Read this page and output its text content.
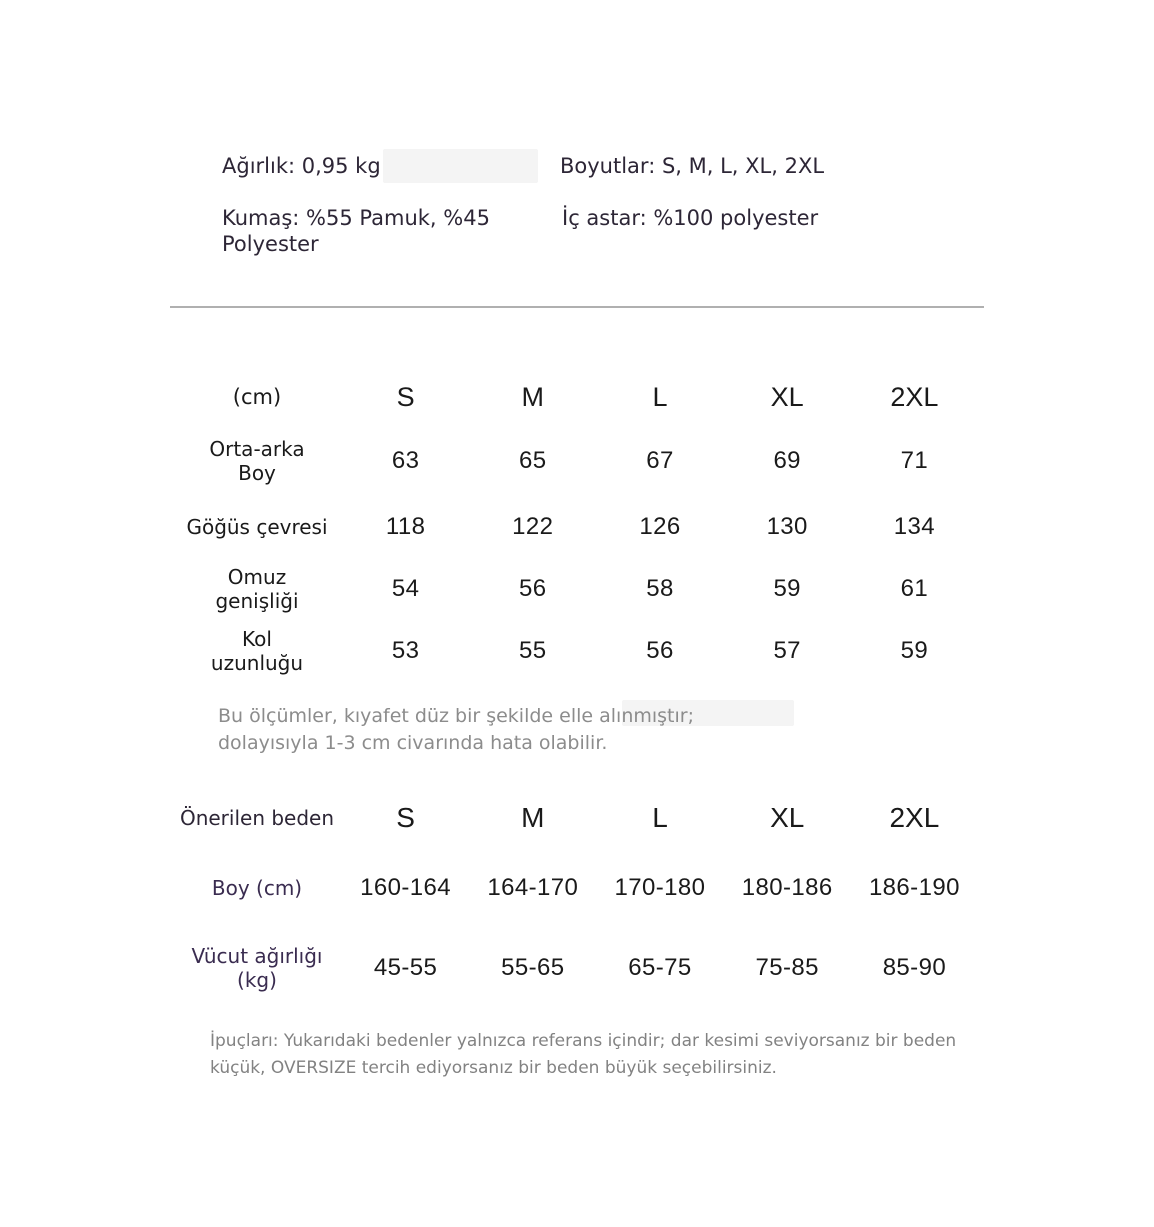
Ağırlık: 0,95 kg	Boyutlar: S, M, L, XL, 2XL
Kumaş: %55 Pamuk, %45 Polyester
İç astar: %100 polyester
(cm)	S	M	L	XL	2XL
Orta-arka Boy	63	65	67	69	71
Göğüs çevresi	118	122	126	130	134
Omuz genişliği	54	56	58	59	61
Kol uzunluğu	53	55	56	57	59
Bu ölçümler, kıyafet düz bir şekilde elle alınmıştır;
dolayısıyla 1-3 cm civarında hata olabilir.
Önerilen beden	S	M	L	XL	2XL
Boy (cm)	160-164	164-170	170-180	180-186	186-190
Vücut ağırlığı (kg)	45-55	55-65	65-75	75-85	85-90
İpuçları: Yukarıdaki bedenler yalnızca referans içindir; dar kesimi seviyorsanız bir beden küçük, OVERSIZE tercih ediyorsanız bir beden büyük seçebilirsiniz.
